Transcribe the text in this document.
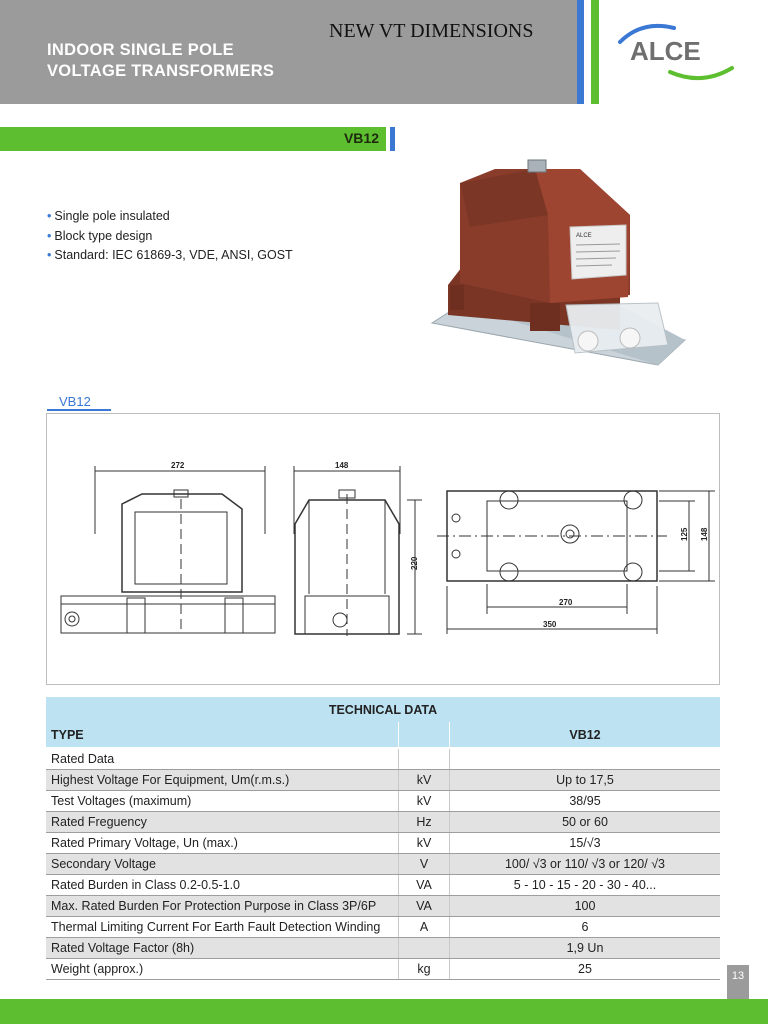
INDOOR SINGLE POLE
VOLTAGE TRANSFORMERS
NEW VT DIMENSIONS
ALCE
VB12
• Single pole insulated
• Block type design
• Standard: IEC 61869-3, VDE, ANSI, GOST
ALCE
VB12
272	148
220
270
350
125 148
TECHNICAL DATA		
TYPE		VB12
Rated Data		
Highest Voltage For Equipment, Um(r.m.s.)	kV	Up to 17,5
Test Voltages (maximum)	kV	38/95
Rated Freguency	Hz	50 or 60
Rated Primary Voltage, Un (max.)	kV	15/√3
Secondary Voltage	V	100/ √3 or 110/ √3 or 120/ √3
Rated Burden in Class 0.2-0.5-1.0	VA	5 - 10 - 15 - 20 - 30 - 40...
Max. Rated Burden For Protection Purpose in Class 3P/6P	VA	100
Thermal Limiting Current For Earth Fault Detection Winding	A	6
Rated Voltage Factor (8h)		1,9 Un
Weight (approx.)	kg	25	13
